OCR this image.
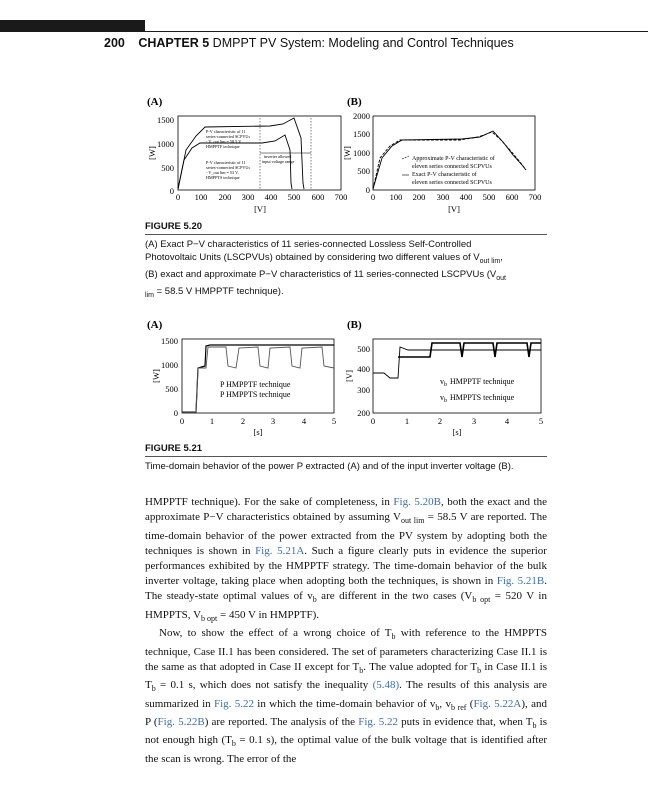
200 CHAPTER 5 DMPPT PV System: Modeling and Control Techniques
(A)
1500
1000
500
0
0 100 200 300 400 500 600 700
[V]
[W]
P-V characteristic of 11
series-connected SCPVUs
- V_out lim = 58.5 V,
HMPPTF technique
P-V characteristic of 11
series-connected SCPVUs
- V_out lim = 53 V,
HMPPTS technique
inverter allowed
input voltage range
(B)
2000
1500
1000
500
0
0 100 200 300 400 500 600 700
[V]
[W]	Approximate P-V characteristic of
eleven series connected SCPVUs
Exact P-V characteristic of
eleven series connected SCPVUs
FIGURE 5.20
(A) Exact P−V characteristics of 11 series-connected Lossless Self-Controlled
Photovoltaic Units (LSCPVUs) obtained by considering two different values of $V_{out lim}$,
(B) exact and approximate P−V characteristics of 11 series-connected LSCPVUs ($V_{out}$
$_{lim}$ = 58.5 V HMPPTF technique).
(A)
1500
1000
500
0
0	1	2	3	4	5
[s]
[W]
P HMPPTF technique
P HMPPTS technique
(B)
500
400
300
200
0	1	2	3	4	5
[s]
[V]	$v_b$ HMPPTF technique
$v_b$ HMPPTS technique
FIGURE 5.21
Time-domain behavior of the power P extracted (A) and of the input inverter voltage (B).

HMPPTF technique). For the sake of completeness, in Fig. 5.20B, both the exact and the approximate P−V characteristics obtained by assuming $V_{out lim} = 58.5$ V are reported. The time-domain behavior of the power extracted from the PV system by adopting both the techniques is shown in Fig. 5.21A. Such a figure clearly puts in evidence the superior performances exhibited by the HMPPTF strategy. The time-domain behavior of the bulk inverter voltage, taking place when adopting both the techniques, is shown in Fig. 5.21B. The steady-state optimal values of $v_b$ are different in the two cases ($V_{b opt} = 520$ V in HMPPTS, $V_{b opt} = 450$ V in HMPPTF).

Now, to show the effect of a wrong choice of $T_b$ with reference to the HMPPTS technique, Case II.1 has been considered. The set of parameters characterizing Case II.1 is the same as that adopted in Case II except for $T_b$. The value adopted for $T_b$ in Case II.1 is $T_b = 0.1$ s, which does not satisfy the inequality (5.48). The results of this analysis are summarized in Fig. 5.22 in which the time-domain behavior of $v_b$, $v_{b ref}$ (Fig. 5.22A), and P (Fig. 5.22B) are reported. The analysis of the Fig. 5.22 puts in evidence that, when $T_b$ is not enough high ($T_b = 0.1$ s), the optimal value of the bulk voltage that is identified after the scan is wrong. The error of the
